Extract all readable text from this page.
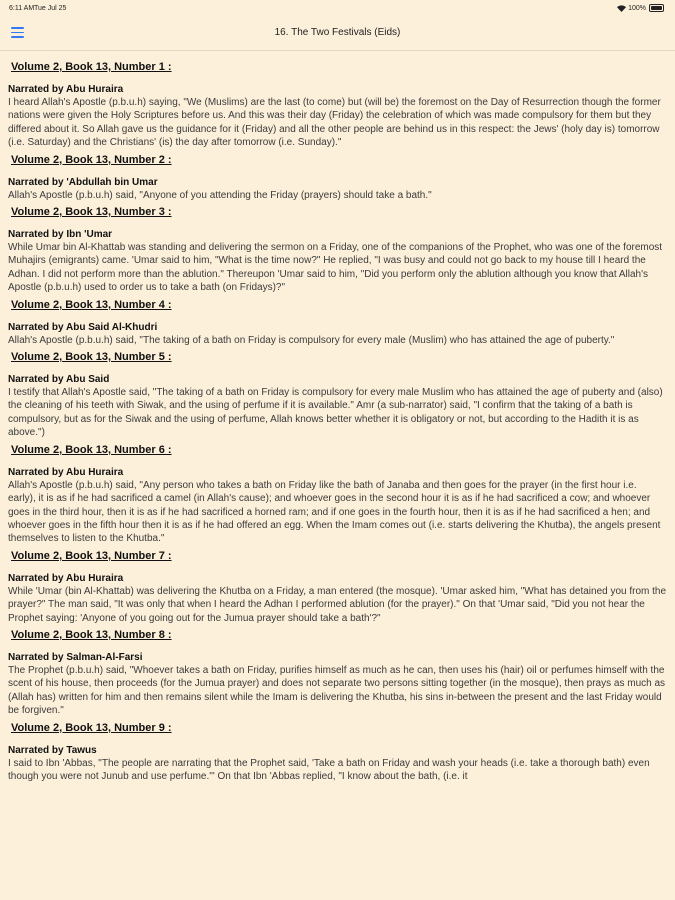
6:11 AM Tue Jul 25	100%
16. The Two Festivals (Eids)
Volume 2, Book 13, Number 1 :
Narrated by Abu Huraira
I heard Allah's Apostle (p.b.u.h) saying, "We (Muslims) are the last (to come) but (will be) the foremost on the Day of Resurrection though the former nations were given the Holy Scriptures before us. And this was their day (Friday) the celebration of which was made compulsory for them but they differed about it. So Allah gave us the guidance for it (Friday) and all the other people are behind us in this respect: the Jews' (holy day is) tomorrow (i.e. Saturday) and the Christians' (is) the day after tomorrow (i.e. Sunday)."
Volume 2, Book 13, Number 2 :
Narrated by 'Abdullah bin Umar
Allah's Apostle (p.b.u.h) said, "Anyone of you attending the Friday (prayers) should take a bath."
Volume 2, Book 13, Number 3 :
Narrated by Ibn 'Umar
While Umar bin Al-Khattab was standing and delivering the sermon on a Friday, one of the companions of the Prophet, who was one of the foremost Muhajirs (emigrants) came. 'Umar said to him, "What is the time now?" He replied, "I was busy and could not go back to my house till I heard the Adhan. I did not perform more than the ablution." Thereupon 'Umar said to him, "Did you perform only the ablution although you know that Allah's Apostle (p.b.u.h) used to order us to take a bath (on Fridays)?"
Volume 2, Book 13, Number 4 :
Narrated by Abu Said Al-Khudri
Allah's Apostle (p.b.u.h) said, "The taking of a bath on Friday is compulsory for every male (Muslim) who has attained the age of puberty."
Volume 2, Book 13, Number 5 :
Narrated by Abu Said
I testify that Allah's Apostle said, "The taking of a bath on Friday is compulsory for every male Muslim who has attained the age of puberty and (also) the cleaning of his teeth with Siwak, and the using of perfume if it is available." Amr (a sub-narrator) said, "I confirm that the taking of a bath is compulsory, but as for the Siwak and the using of perfume, Allah knows better whether it is obligatory or not, but according to the Hadith it is as above.")
Volume 2, Book 13, Number 6 :
Narrated by Abu Huraira
Allah's Apostle (p.b.u.h) said, "Any person who takes a bath on Friday like the bath of Janaba and then goes for the prayer (in the first hour i.e. early), it is as if he had sacrificed a camel (in Allah's cause); and whoever goes in the second hour it is as if he had sacrificed a cow; and whoever goes in the third hour, then it is as if he had sacrificed a horned ram; and if one goes in the fourth hour, then it is as if he had sacrificed a hen; and whoever goes in the fifth hour then it is as if he had offered an egg. When the Imam comes out (i.e. starts delivering the Khutba), the angels present themselves to listen to the Khutba."
Volume 2, Book 13, Number 7 :
Narrated by Abu Huraira
While 'Umar (bin Al-Khattab) was delivering the Khutba on a Friday, a man entered (the mosque). 'Umar asked him, "What has detained you from the prayer?" The man said, "It was only that when I heard the Adhan I performed ablution (for the prayer)." On that 'Umar said, "Did you not hear the Prophet saying: 'Anyone of you going out for the Jumua prayer should take a bath'?"
Volume 2, Book 13, Number 8 :
Narrated by Salman-Al-Farsi
The Prophet (p.b.u.h) said, "Whoever takes a bath on Friday, purifies himself as much as he can, then uses his (hair) oil or perfumes himself with the scent of his house, then proceeds (for the Jumua prayer) and does not separate two persons sitting together (in the mosque), then prays as much as (Allah has) written for him and then remains silent while the Imam is delivering the Khutba, his sins in-between the present and the last Friday would be forgiven."
Volume 2, Book 13, Number 9 :
Narrated by Tawus
I said to Ibn 'Abbas, "The people are narrating that the Prophet said, 'Take a bath on Friday and wash your heads (i.e. take a thorough bath) even though you were not Junub and use perfume.'" On that Ibn 'Abbas replied, "I know about the bath, (i.e. it
